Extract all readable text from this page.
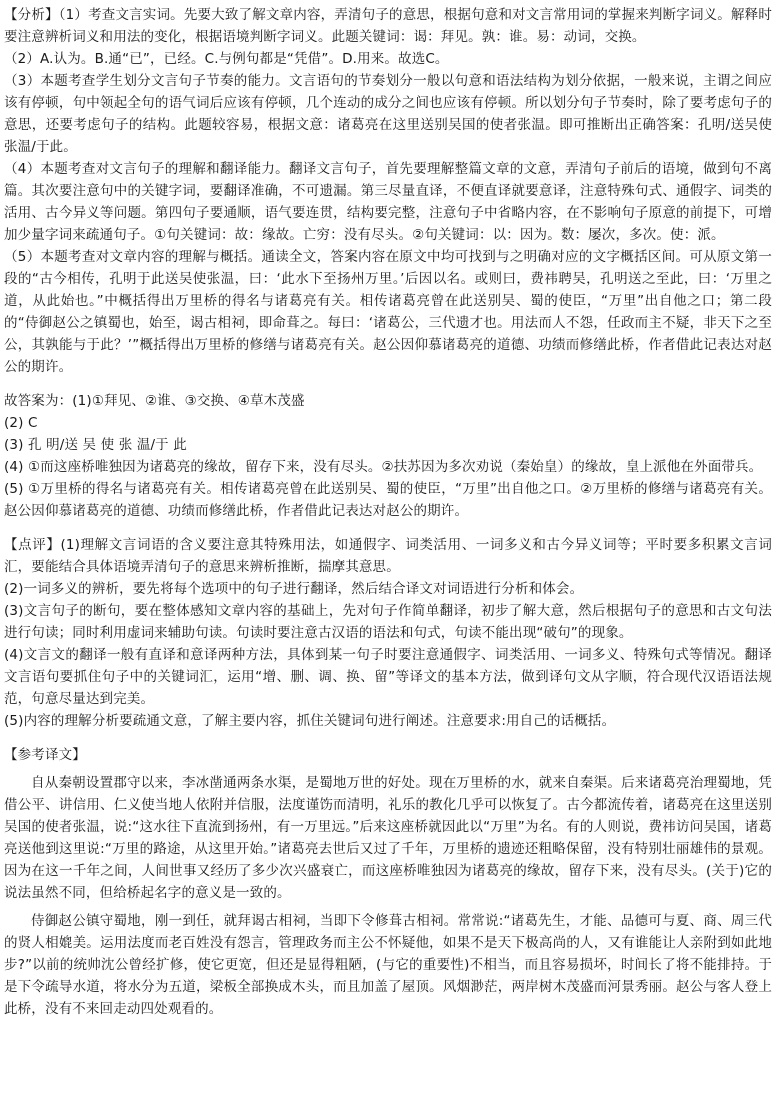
【分析】（1）考查文言实词。先要大致了解文章内容，弄清句子的意思，根据句意和对文言常用词的掌握来判断字词义。解释时要注意辨析词义和用法的变化，根据语境判断字词义。此题关键词：谒：拜见。孰：谁。易：动词，交换。

（2）A.认为。B.通“已”，已经。C.与例句都是“凭借”。D.用来。故选C。

（3）本题考查学生划分文言句子节奏的能力。文言语句的节奏划分一般以句意和语法结构为划分依据，一般来说，主谓之间应该有停顿，句中领起全句的语气词后应该有停顿，几个连动的成分之间也应该有停顿。所以划分句子节奏时，除了要考虑句子的意思，还要考虑句子的结构。此题较容易，根据文意：诸葛亮在这里送别吴国的使者张温。即可推断出正确答案：孔明/送吴使张温/于此。

（4）本题考查对文言句子的理解和翻译能力。翻译文言句子，首先要理解整篇文章的文意，弄清句子前后的语境，做到句不离篇。其次要注意句中的关键字词，要翻译准确，不可遗漏。第三尽量直译，不便直译就要意译，注意特殊句式、通假字、词类的活用、古今异义等问题。第四句子要通顺，语气要连贯，结构要完整，注意句子中省略内容，在不影响句子原意的前提下，可增加少量字词来疏通句子。①句关键词：故：缘故。亡穷：没有尽头。②句关键词：以：因为。数：屡次，多次。使：派。

（5）本题考查对文章内容的理解与概括。通读全文，答案内容在原文中均可找到与之明确对应的文字概括区间。可从原文第一段的“古今相传，孔明于此送吴使张温，曰：‘此水下至扬州万里。’后因以名。或则曰，费祎聘吴，孔明送之至此，曰：‘万里之道，从此始也。”中概括得出万里桥的得名与诸葛亮有关。相传诸葛亮曾在此送别吴、蜀的使臣，“万里”出自他之口；第二段的“侍御赵公之镇蜀也，始至，谒古相祠，即命葺之。每曰：‘诸葛公，三代遗才也。用法而人不怨，任政而主不疑，非天下之至公，其孰能与于此？’”概括得出万里桥的修缮与诸葛亮有关。赵公因仰慕诸葛亮的道德、功绩而修缮此桥，作者借此记表达对赵公的期许。

故答案为：(1)①拜见、②谁、③交换、④草木茂盛

(2) C

(3) 孔 明/送 吴 使 张 温/于 此

(4) ①而这座桥唯独因为诸葛亮的缘故，留存下来，没有尽头。②扶苏因为多次劝说（秦始皇）的缘故，皇上派他在外面带兵。

(5) ①万里桥的得名与诸葛亮有关。相传诸葛亮曾在此送别吴、蜀的使臣，“万里”出自他之口。②万里桥的修缮与诸葛亮有关。赵公因仰慕诸葛亮的道德、功绩而修缮此桥，作者借此记表达对赵公的期许。

【点评】(1)理解文言词语的含义要注意其特殊用法，如通假字、词类活用、一词多义和古今异义词等；平时要多积累文言词汇，要能结合具体语境弄清句子的意思来辨析推断，揣摩其意思。

(2)一词多义的辨析，要先将每个选项中的句子进行翻译，然后结合译文对词语进行分析和体会。

(3)文言句子的断句，要在整体感知文章内容的基础上，先对句子作简单翻译，初步了解大意，然后根据句子的意思和古文句法进行句读；同时利用虚词来辅助句读。句读时要注意古汉语的语法和句式，句读不能出现“破句”的现象。

(4)文言文的翻译一般有直译和意译两种方法，具体到某一句子时要注意通假字、词类活用、一词多义、特殊句式等情况。翻译文言语句要抓住句子中的关键词汇，运用“增、删、调、换、留”等译文的基本方法，做到译句文从字顺，符合现代汉语语法规范，句意尽量达到完美。

(5)内容的理解分析要疏通文意，了解主要内容，抓住关键词句进行阐述。注意要求:用自己的话概括。

【参考译文】

自从秦朝设置郡守以来，李冰凿通两条水渠，是蜀地万世的好处。现在万里桥的水，就来自秦渠。后来诸葛亮治理蜀地，凭借公平、讲信用、仁义使当地人依附并信服，法度谨饬而清明，礼乐的教化几乎可以恢复了。古今都流传着，诸葛亮在这里送别吴国的使者张温，说:“这水往下直流到扬州，有一万里远。”后来这座桥就因此以“万里”为名。有的人则说，费祎访问吴国，诸葛亮送他到这里说:“万里的路途，从这里开始。”诸葛亮去世后又过了千年，万里桥的遗迹还粗略保留，没有特别壮丽雄伟的景观。因为在这一千年之间，人间世事又经历了多少次兴盛衰亡，而这座桥唯独因为诸葛亮的缘故，留存下来，没有尽头。(关于)它的说法虽然不同，但给桥起名字的意义是一致的。

侍御赵公镇守蜀地，刚一到任，就拜谒古相祠，当即下令修葺古相祠。常常说:“诸葛先生，才能、品德可与夏、商、周三代的贤人相媲美。运用法度而老百姓没有怨言，管理政务而主公不怀疑他，如果不是天下极高尚的人，又有谁能让人亲附到如此地步?”以前的统帅沈公曾经扩修，使它更宽，但还是显得粗陋，(与它的重要性)不相当，而且容易损坏，时间长了将不能排持。于是下令疏导水道，将水分为五道，梁板全部换成木头，而且加盖了屋顶。风烟渺茫，两岸树木茂盛而河景秀丽。赵公与客人登上此桥，没有不来回走动四处观看的。
